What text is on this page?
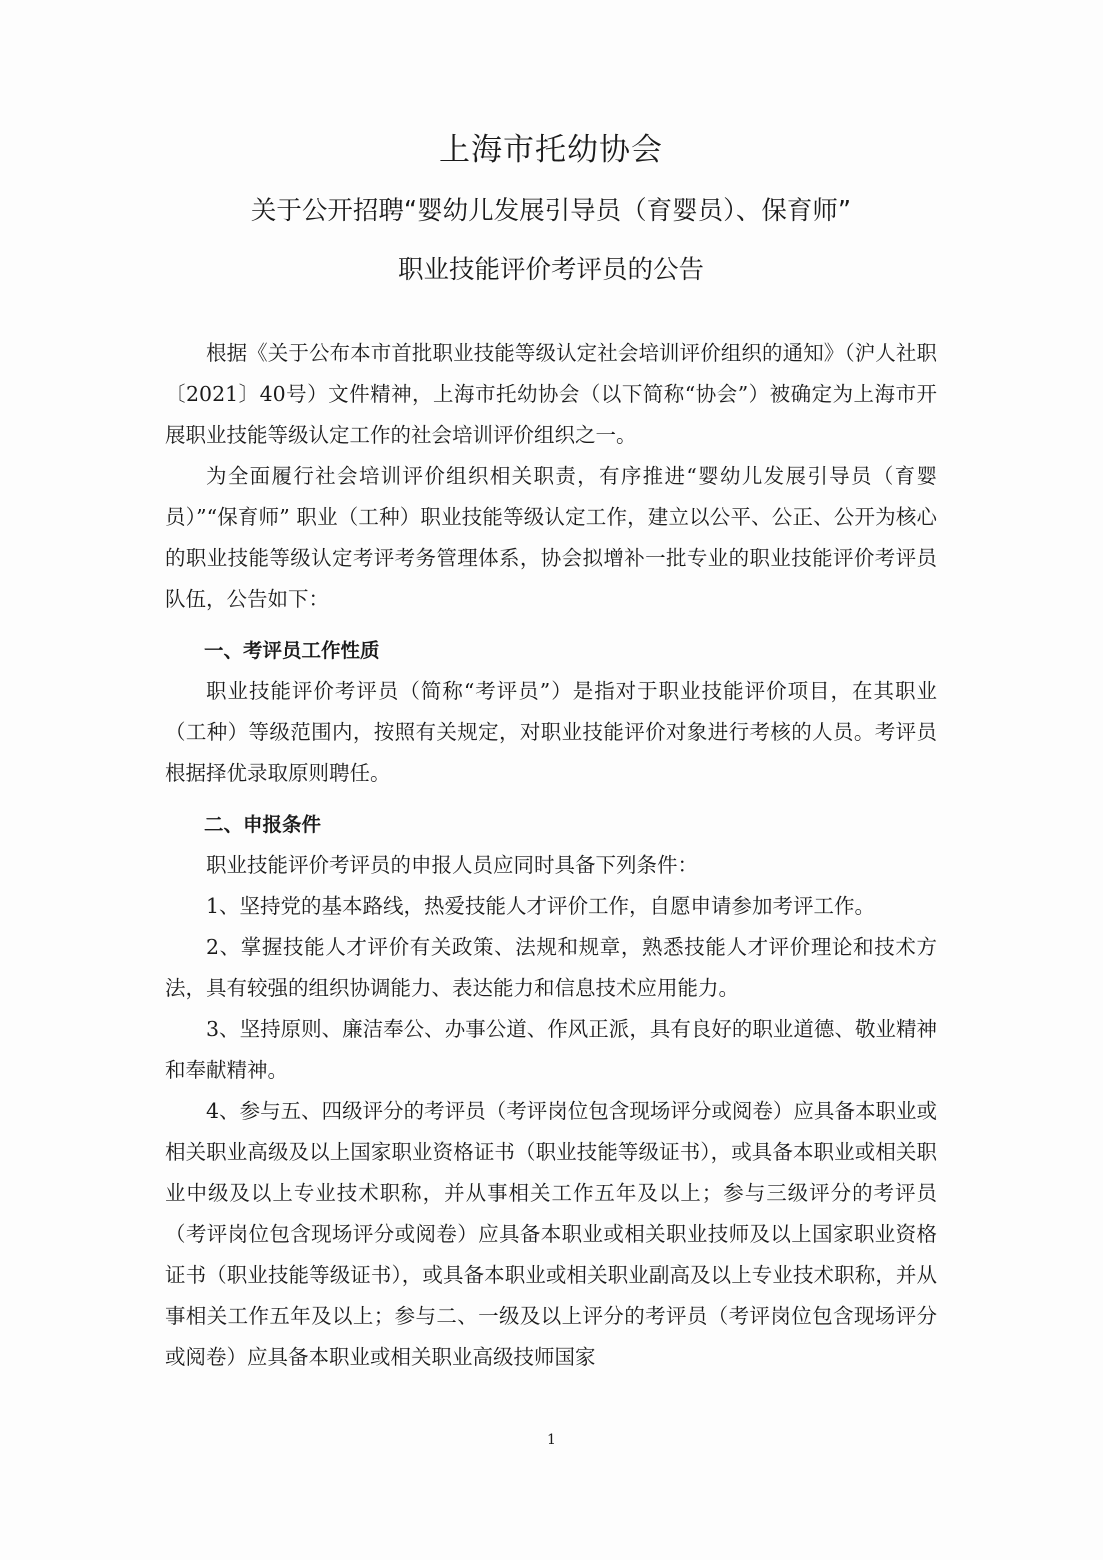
上海市托幼协会
关于公开招聘“婴幼儿发展引导员（育婴员）、保育师”
职业技能评价考评员的公告

根据《关于公布本市首批职业技能等级认定社会培训评价组织的通知》（沪人社职〔2021〕40号）文件精神，上海市托幼协会（以下简称“协会”）被确定为上海市开展职业技能等级认定工作的社会培训评价组织之一。

为全面履行社会培训评价组织相关职责，有序推进“婴幼儿发展引导员（育婴员）”“保育师” 职业（工种）职业技能等级认定工作，建立以公平、公正、公开为核心的职业技能等级认定考评考务管理体系，协会拟增补一批专业的职业技能评价考评员队伍，公告如下：

一、考评员工作性质

职业技能评价考评员（简称“考评员”）是指对于职业技能评价项目，在其职业（工种）等级范围内，按照有关规定，对职业技能评价对象进行考核的人员。考评员根据择优录取原则聘任。

二、申报条件

职业技能评价考评员的申报人员应同时具备下列条件：

1、坚持党的基本路线，热爱技能人才评价工作，自愿申请参加考评工作。

2、掌握技能人才评价有关政策、法规和规章，熟悉技能人才评价理论和技术方法，具有较强的组织协调能力、表达能力和信息技术应用能力。

3、坚持原则、廉洁奉公、办事公道、作风正派，具有良好的职业道德、敬业精神和奉献精神。

4、参与五、四级评分的考评员（考评岗位包含现场评分或阅卷）应具备本职业或相关职业高级及以上国家职业资格证书（职业技能等级证书），或具备本职业或相关职业中级及以上专业技术职称，并从事相关工作五年及以上；参与三级评分的考评员（考评岗位包含现场评分或阅卷）应具备本职业或相关职业技师及以上国家职业资格证书（职业技能等级证书），或具备本职业或相关职业副高及以上专业技术职称，并从事相关工作五年及以上；参与二、一级及以上评分的考评员（考评岗位包含现场评分或阅卷）应具备本职业或相关职业高级技师国家

1
